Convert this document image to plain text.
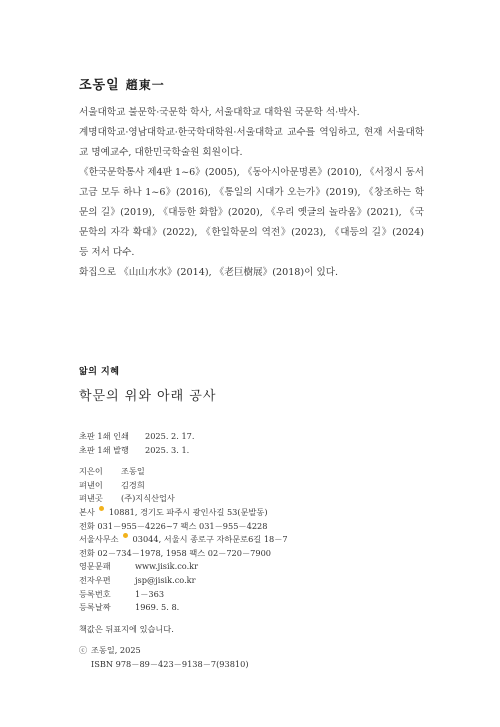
조동일 趙東一

서울대학교 불문학·국문학 학사, 서울대학교 대학원 국문학 석·박사.

계명대학교·영남대학교·한국학대학원·서울대학교 교수를 역임하고, 현재 서울대학교 명예교수, 대한민국학술원 회원이다.

《한국문학통사 제4판 1~6》(2005), 《동아시아문명론》(2010), 《서정시 동서고금 모두 하나 1~6》(2016), 《통일의 시대가 오는가》(2019), 《창조하는 학문의 길》(2019), 《대등한 화합》(2020), 《우리 옛글의 놀라움》(2021), 《국문학의 자각 확대》(2022), 《한일학문의 역전》(2023), 《대등의 길》(2024) 등 저서 다수.

화집으로 《山山水水》(2014), 《老巨樹展》(2018)이 있다.

앎의 지혜
학문의 위와 아래 공사
초판 1쇄 인쇄	2025. 2. 17.
초판 1쇄 발행	2025. 3. 1.
지은이	조동일
펴낸이	김경희
펴낸곳	(주)지식산업사
본사 10881, 경기도 파주시 광인사길 53(문발동)
전화 031－955－4226~7 팩스 031－955－4228
서울사무소 03044, 서울시 종로구 자하문로6길 18－7
전화 02－734－1978, 1958 팩스 02－720－7900
영문문패	www.jisik.co.kr
전자우편	jsp@jisik.co.kr
등록번호	1－363
등록날짜	1969. 5. 8.
책값은 뒤표지에 있습니다.
ⓒ 조동일, 2025
ISBN 978－89－423－9138－7(93810)
